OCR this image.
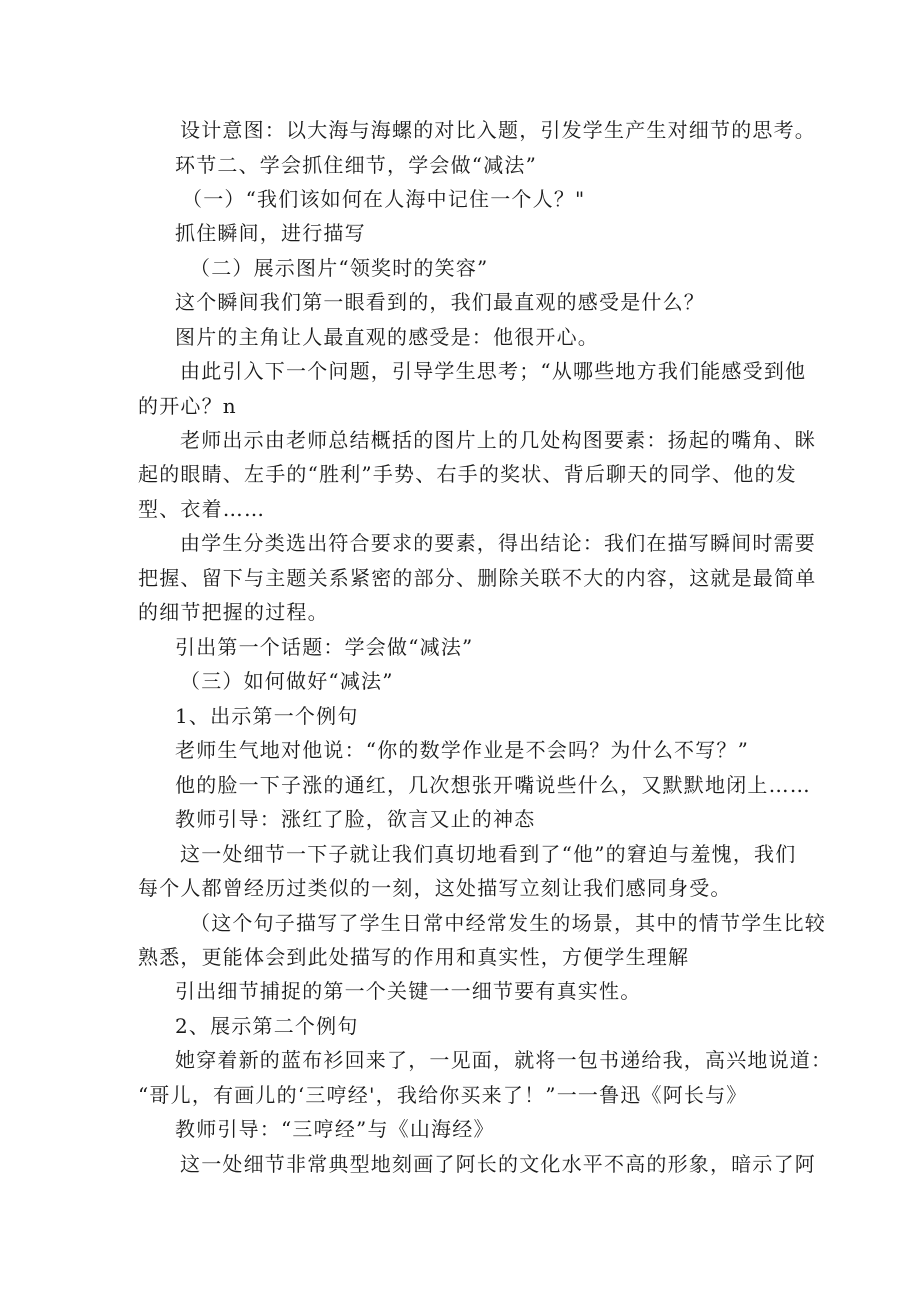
设计意图：以大海与海螺的对比入题，引发学生产生对细节的思考。
环节二、学会抓住细节，学会做“减法”
（一）“我们该如何在人海中记住一个人？"
抓住瞬间，进行描写
（二）展示图片“领奖时的笑容”
这个瞬间我们第一眼看到的，我们最直观的感受是什么？
图片的主角让人最直观的感受是：他很开心。
由此引入下一个问题，引导学生思考；“从哪些地方我们能感受到他
的开心？n
老师出示由老师总结概括的图片上的几处构图要素：扬起的嘴角、眯
起的眼睛、左手的“胜利”手势、右手的奖状、背后聊天的同学、他的发
型、衣着……
由学生分类选出符合要求的要素，得出结论：我们在描写瞬间时需要
把握、留下与主题关系紧密的部分、删除关联不大的内容，这就是最简单
的细节把握的过程。
引出第一个话题：学会做“减法”
（三）如何做好“减法”
1、出示第一个例句
老师生气地对他说：“你的数学作业是不会吗？为什么不写？”
他的脸一下子涨的通红，几次想张开嘴说些什么，又默默地闭上……
教师引导：涨红了脸，欲言又止的神态
这一处细节一下子就让我们真切地看到了“他”的窘迫与羞愧，我们
每个人都曾经历过类似的一刻，这处描写立刻让我们感同身受。
（这个句子描写了学生日常中经常发生的场景，其中的情节学生比较
熟悉，更能体会到此处描写的作用和真实性，方便学生理解
引出细节捕捉的第一个关键一一细节要有真实性。
2、展示第二个例句
她穿着新的蓝布衫回来了，一见面，就将一包书递给我，高兴地说道：
“哥儿，有画儿的‘三哼经'，我给你买来了！”一一鲁迅《阿长与》
教师引导：“三哼经”与《山海经》
这一处细节非常典型地刻画了阿长的文化水平不高的形象，暗示了阿
